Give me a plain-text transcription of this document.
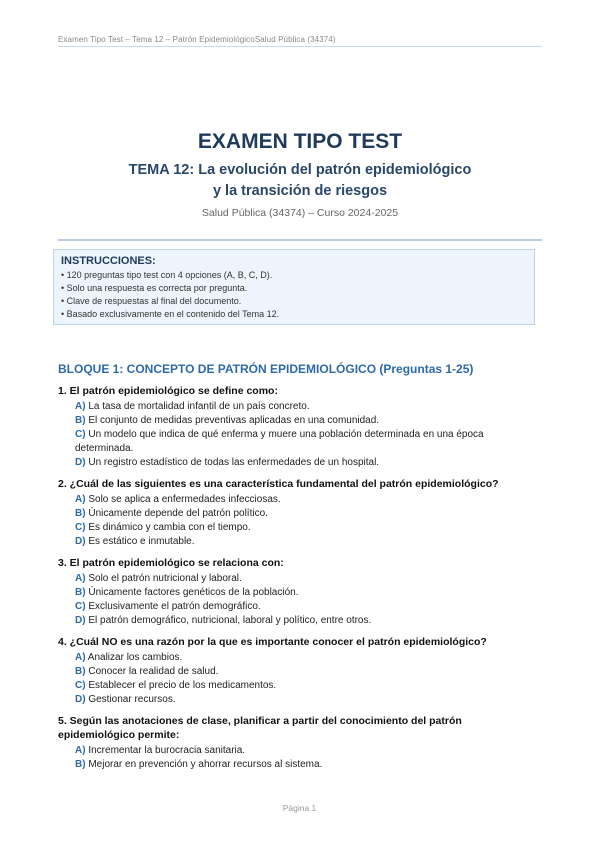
Examen Tipo Test – Tema 12 – Patrón EpidemiológicoSalud Pública (34374)
EXAMEN TIPO TEST
TEMA 12: La evolución del patrón epidemiológico
y la transición de riesgos
Salud Pública (34374) – Curso 2024-2025
INSTRUCCIONES:
• 120 preguntas tipo test con 4 opciones (A, B, C, D).
• Solo una respuesta es correcta por pregunta.
• Clave de respuestas al final del documento.
• Basado exclusivamente en el contenido del Tema 12.
BLOQUE 1: CONCEPTO DE PATRÓN EPIDEMIOLÓGICO (Preguntas 1-25)
1. El patrón epidemiológico se define como:
A) La tasa de mortalidad infantil de un país concreto.
B) El conjunto de medidas preventivas aplicadas en una comunidad.
C) Un modelo que indica de qué enferma y muere una población determinada en una época determinada.
D) Un registro estadístico de todas las enfermedades de un hospital.
2. ¿Cuál de las siguientes es una característica fundamental del patrón epidemiológico?
A) Solo se aplica a enfermedades infecciosas.
B) Únicamente depende del patrón político.
C) Es dinámico y cambia con el tiempo.
D) Es estático e inmutable.
3. El patrón epidemiológico se relaciona con:
A) Solo el patrón nutricional y laboral.
B) Únicamente factores genéticos de la población.
C) Exclusivamente el patrón demográfico.
D) El patrón demográfico, nutricional, laboral y político, entre otros.
4. ¿Cuál NO es una razón por la que es importante conocer el patrón epidemiológico?
A) Analizar los cambios.
B) Conocer la realidad de salud.
C) Establecer el precio de los medicamentos.
D) Gestionar recursos.
5. Según las anotaciones de clase, planificar a partir del conocimiento del patrón epidemiológico permite:
A) Incrementar la burocracia sanitaria.
B) Mejorar en prevención y ahorrar recursos al sistema.
Página 1
